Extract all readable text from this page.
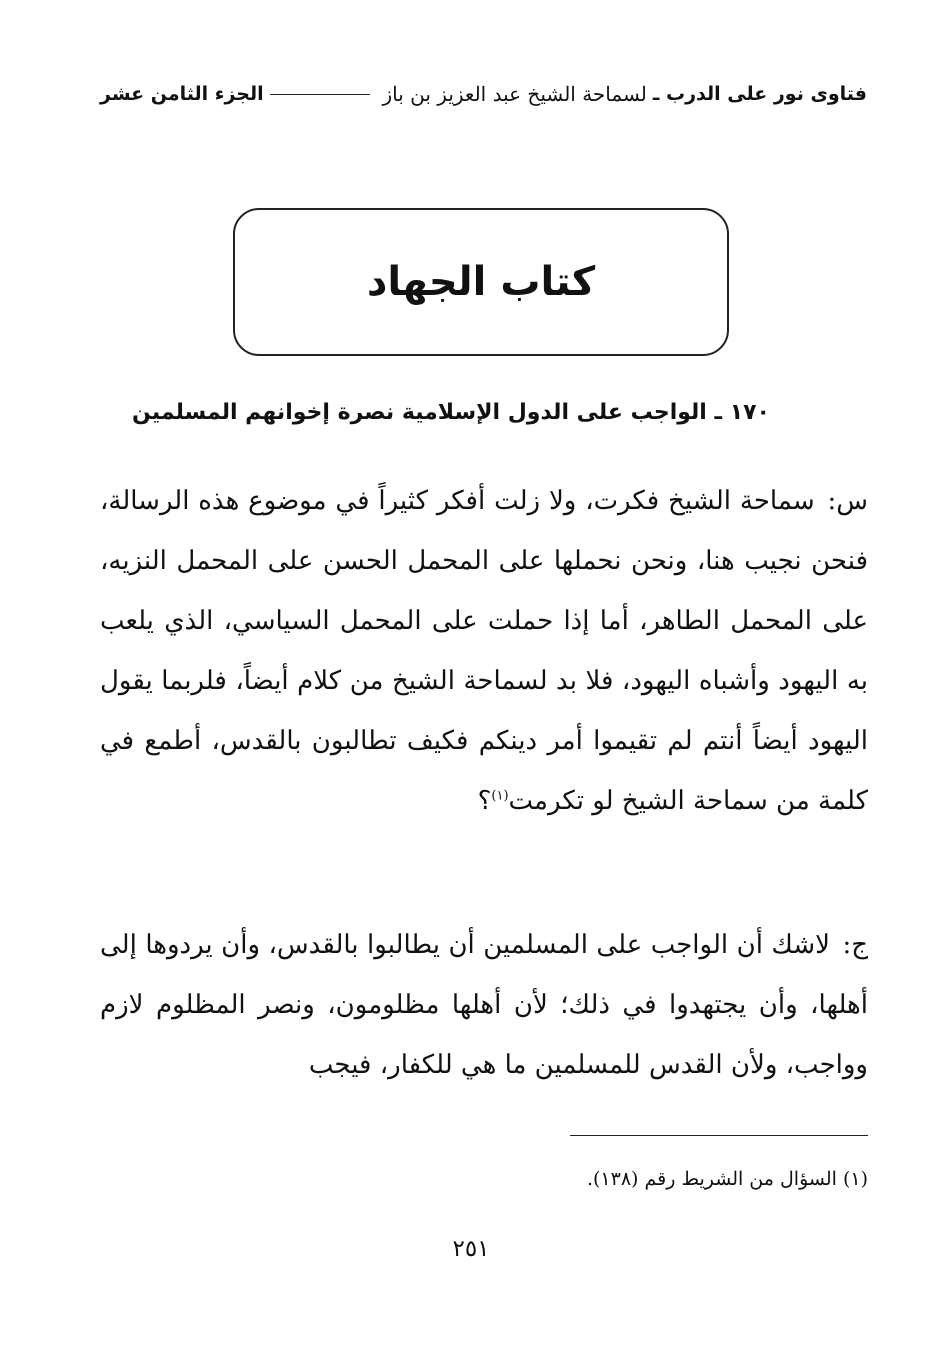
فتاوى نور على الدرب ـ
لسماحة الشيخ عبد العزيز بن باز
الجزء الثامن عشر
كتاب الجهاد
١٧٠ ـ الواجب على الدول الإسلامية نصرة إخوانهم المسلمين
س: سماحة الشيخ فكرت، ولا زلت أفكر كثيراً في موضوع هذه الرسالة، فنحن نجيب هنا، ونحن نحملها على المحمل الحسن على المحمل النزيه، على المحمل الطاهر، أما إذا حملت على المحمل السياسي، الذي يلعب به اليهود وأشباه اليهود، فلا بد لسماحة الشيخ من كلام أيضاً، فلربما يقول اليهود أيضاً أنتم لم تقيموا أمر دينكم فكيف تطالبون بالقدس، أطمع في كلمة من سماحة الشيخ لو تكرمت$^{(١)}$؟
ج: لاشك أن الواجب على المسلمين أن يطالبوا بالقدس، وأن يردوها إلى أهلها، وأن يجتهدوا في ذلك؛ لأن أهلها مظلومون، ونصر المظلوم لازم وواجب، ولأن القدس للمسلمين ما هي للكفار، فيجب
(١) السؤال من الشريط رقم (١٣٨).
٢٥١
